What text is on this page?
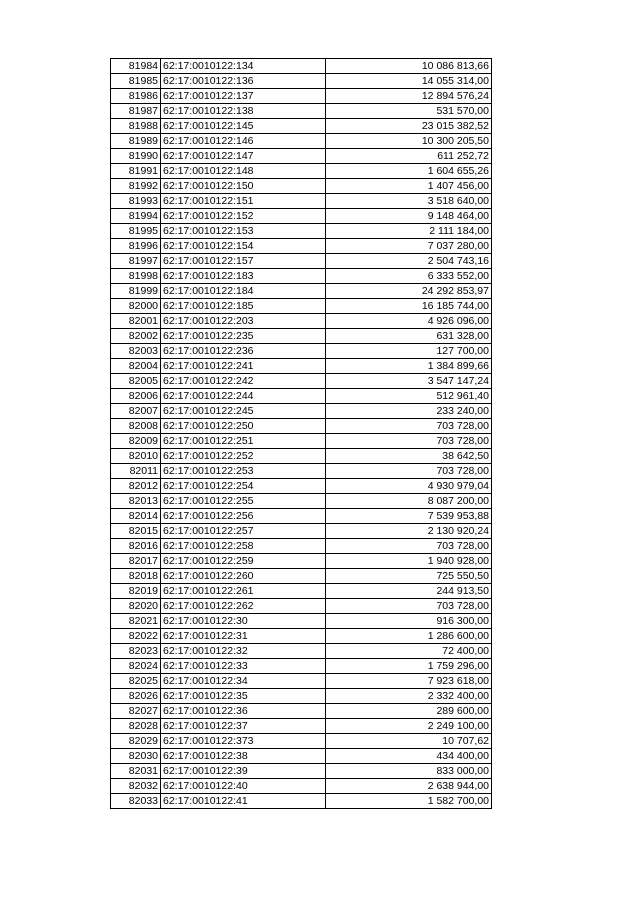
81984	62:17:0010122:134	10 086 813,66
81985	62:17:0010122:136	14 055 314,00
81986	62:17:0010122:137	12 894 576,24
81987	62:17:0010122:138	531 570,00
81988	62:17:0010122:145	23 015 382,52
81989	62:17:0010122:146	10 300 205,50
81990	62:17:0010122:147	611 252,72
81991	62:17:0010122:148	1 604 655,26
81992	62:17:0010122:150	1 407 456,00
81993	62:17:0010122:151	3 518 640,00
81994	62:17:0010122:152	9 148 464,00
81995	62:17:0010122:153	2 111 184,00
81996	62:17:0010122:154	7 037 280,00
81997	62:17:0010122:157	2 504 743,16
81998	62:17:0010122:183	6 333 552,00
81999	62:17:0010122:184	24 292 853,97
82000	62:17:0010122:185	16 185 744,00
82001	62:17:0010122:203	4 926 096,00
82002	62:17:0010122:235	631 328,00
82003	62:17:0010122:236	127 700,00
82004	62:17:0010122:241	1 384 899,66
82005	62:17:0010122:242	3 547 147,24
82006	62:17:0010122:244	512 961,40
82007	62:17:0010122:245	233 240,00
82008	62:17:0010122:250	703 728,00
82009	62:17:0010122:251	703 728,00
82010	62:17:0010122:252	38 642,50
82011	62:17:0010122:253	703 728,00
82012	62:17:0010122:254	4 930 979,04
82013	62:17:0010122:255	8 087 200,00
82014	62:17:0010122:256	7 539 953,88
82015	62:17:0010122:257	2 130 920,24
82016	62:17:0010122:258	703 728,00
82017	62:17:0010122:259	1 940 928,00
82018	62:17:0010122:260	725 550,50
82019	62:17:0010122:261	244 913,50
82020	62:17:0010122:262	703 728,00
82021	62:17:0010122:30	916 300,00
82022	62:17:0010122:31	1 286 600,00
82023	62:17:0010122:32	72 400,00
82024	62:17:0010122:33	1 759 296,00
82025	62:17:0010122:34	7 923 618,00
82026	62:17:0010122:35	2 332 400,00
82027	62:17:0010122:36	289 600,00
82028	62:17:0010122:37	2 249 100,00
82029	62:17:0010122:373	10 707,62
82030	62:17:0010122:38	434 400,00
82031	62:17:0010122:39	833 000,00
82032	62:17:0010122:40	2 638 944,00
82033	62:17:0010122:41	1 582 700,00
